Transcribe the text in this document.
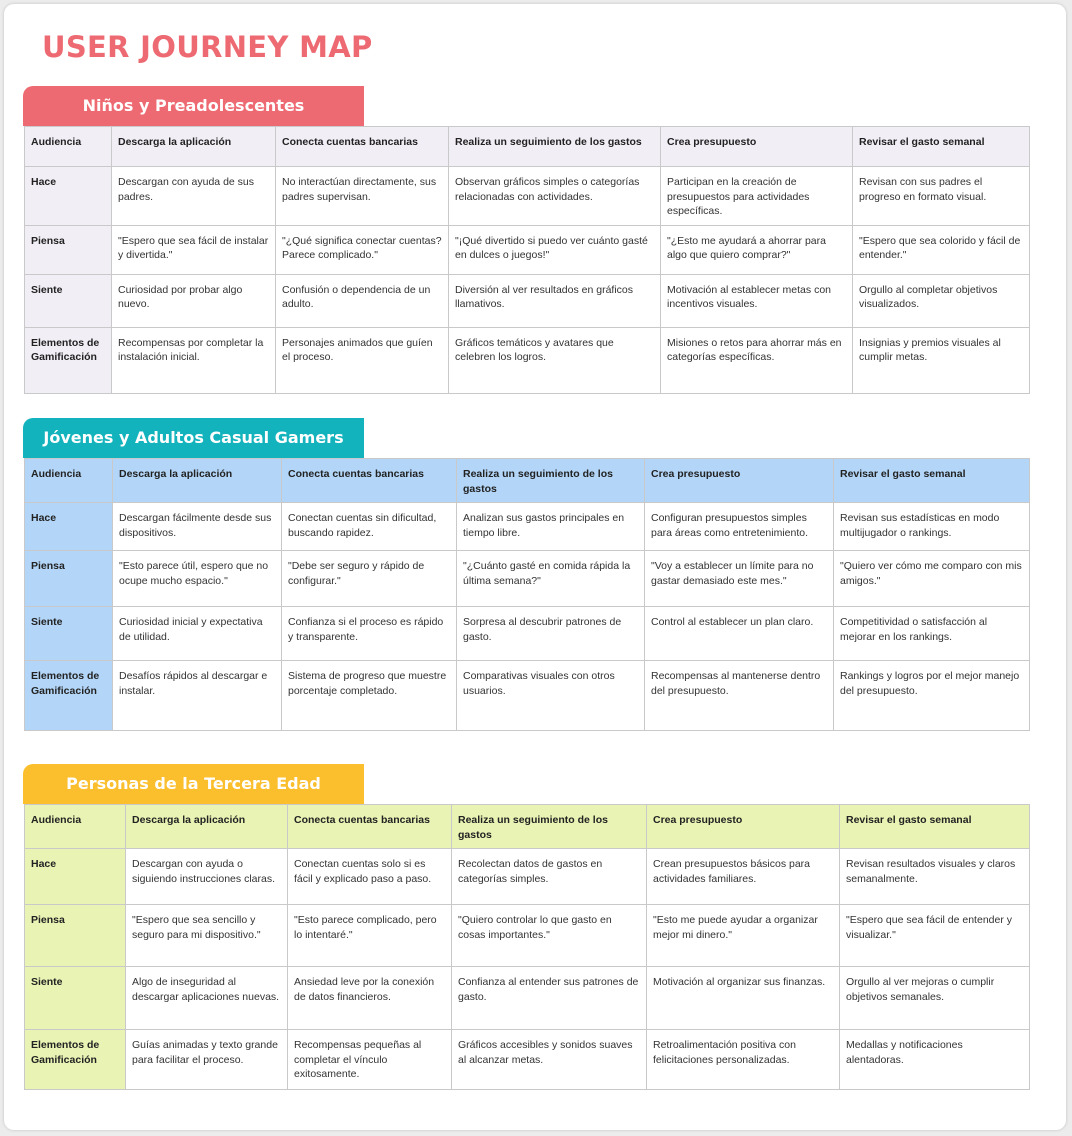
USER JOURNEY MAP
Niños y Preadolescentes
Audiencia	Descarga la aplicación	Conecta cuentas bancarias	Realiza un seguimiento de los gastos	Crea presupuesto	Revisar el gasto semanal
Hace	Descargan con ayuda de sus padres.	No interactúan directamente, sus padres supervisan.	Observan gráficos simples o categorías relacionadas con actividades.	Participan en la creación de presupuestos para actividades específicas.	Revisan con sus padres el progreso en formato visual.
Piensa	"Espero que sea fácil de instalar y divertida."	"¿Qué significa conectar cuentas? Parece complicado."	"¡Qué divertido si puedo ver cuánto gasté en dulces o juegos!"	"¿Esto me ayudará a ahorrar para algo que quiero comprar?"	"Espero que sea colorido y fácil de entender."
Siente	Curiosidad por probar algo nuevo.	Confusión o dependencia de un adulto.	Diversión al ver resultados en gráficos llamativos.	Motivación al establecer metas con incentivos visuales.	Orgullo al completar objetivos visualizados.
Elementos de Gamificación	Recompensas por completar la instalación inicial.	Personajes animados que guíen el proceso.	Gráficos temáticos y avatares que celebren los logros.	Misiones o retos para ahorrar más en categorías específicas.	Insignias y premios visuales al cumplir metas.
Jóvenes y Adultos Casual Gamers
Audiencia	Descarga la aplicación	Conecta cuentas bancarias	Realiza un seguimiento de los gastos	Crea presupuesto	Revisar el gasto semanal
Hace	Descargan fácilmente desde sus dispositivos.	Conectan cuentas sin dificultad, buscando rapidez.	Analizan sus gastos principales en tiempo libre.	Configuran presupuestos simples para áreas como entretenimiento.	Revisan sus estadísticas en modo multijugador o rankings.
Piensa	"Esto parece útil, espero que no ocupe mucho espacio."	"Debe ser seguro y rápido de configurar."	"¿Cuánto gasté en comida rápida la última semana?"	"Voy a establecer un límite para no gastar demasiado este mes."	"Quiero ver cómo me comparo con mis amigos."
Siente	Curiosidad inicial y expectativa de utilidad.	Confianza si el proceso es rápido y transparente.	Sorpresa al descubrir patrones de gasto.	Control al establecer un plan claro.	Competitividad o satisfacción al mejorar en los rankings.
Elementos de Gamificación	Desafíos rápidos al descargar e instalar.	Sistema de progreso que muestre porcentaje completado.	Comparativas visuales con otros usuarios.	Recompensas al mantenerse dentro del presupuesto.	Rankings y logros por el mejor manejo del presupuesto.
Personas de la Tercera Edad
Audiencia	Descarga la aplicación	Conecta cuentas bancarias	Realiza un seguimiento de los gastos	Crea presupuesto	Revisar el gasto semanal
Hace	Descargan con ayuda o siguiendo instrucciones claras.	Conectan cuentas solo si es fácil y explicado paso a paso.	Recolectan datos de gastos en categorías simples.	Crean presupuestos básicos para actividades familiares.	Revisan resultados visuales y claros semanalmente.
Piensa	"Espero que sea sencillo y seguro para mi dispositivo."	"Esto parece complicado, pero lo intentaré."	"Quiero controlar lo que gasto en cosas importantes."	"Esto me puede ayudar a organizar mejor mi dinero."	"Espero que sea fácil de entender y visualizar."
Siente	Algo de inseguridad al descargar aplicaciones nuevas.	Ansiedad leve por la conexión de datos financieros.	Confianza al entender sus patrones de gasto.	Motivación al organizar sus finanzas.	Orgullo al ver mejoras o cumplir objetivos semanales.
Elementos de Gamificación	Guías animadas y texto grande para facilitar el proceso.	Recompensas pequeñas al completar el vínculo exitosamente.	Gráficos accesibles y sonidos suaves al alcanzar metas.	Retroalimentación positiva con felicitaciones personalizadas.	Medallas y notificaciones alentadoras.
